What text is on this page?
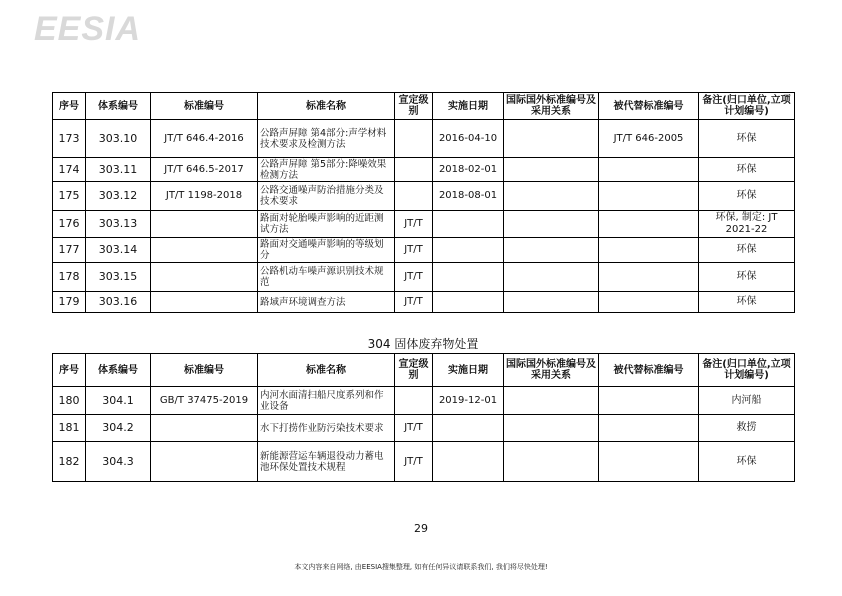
EESIA
序号	体系编号	标准编号	标准名称	宣定级别	实施日期	国际国外标准编号及采用关系	被代替标准编号	备注(归口单位,立项计划编号)
173	303.10	JT/T 646.4-2016	公路声屏障 第4部分:声学材料技术要求及检测方法		2016-04-10		JT/T 646-2005	环保
174	303.11	JT/T 646.5-2017	公路声屏障 第5部分:降噪效果检测方法		2018-02-01			环保
175	303.12	JT/T 1198-2018	公路交通噪声防治措施分类及技术要求		2018-08-01			环保
176	303.13		路面对轮胎噪声影响的近距测试方法	JT/T				环保, 制定: JT 2021-22
177	303.14		路面对交通噪声影响的等级划分	JT/T				环保
178	303.15		公路机动车噪声源识别技术规范	JT/T				环保
179	303.16		路域声环境调查方法	JT/T				环保
304 固体废弃物处置
序号	体系编号	标准编号	标准名称	宣定级别	实施日期	国际国外标准编号及采用关系	被代替标准编号	备注(归口单位,立项计划编号)
180	304.1	GB/T 37475-2019	内河水面清扫船尺度系列和作业设备		2019-12-01			内河船
181	304.2		水下打捞作业防污染技术要求	JT/T				救捞
182	304.3		新能源营运车辆退役动力蓄电池环保处置技术规程	JT/T				环保
29
本文内容来自网络, 由EESIA搜集整理, 如有任何异议请联系我们, 我们将尽快处理!
